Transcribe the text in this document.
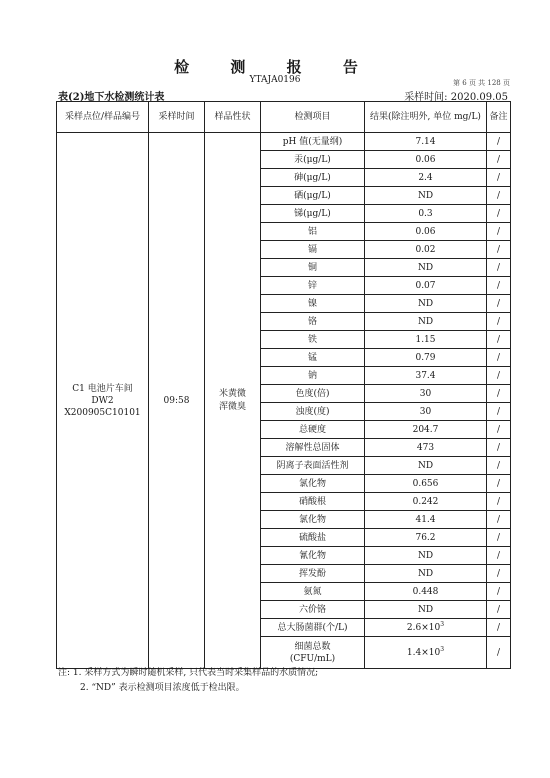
检 测 报 告
YTAJA0196	第 6 页 共 128 页
表(2)地下水检测统计表	采样时间: 2020.09.05
采样点位/样品编号	采样时间	样品性状	检测项目	结果(除注明外, 单位 mg/L)	备注

C1 电池片车间
DW2
X200905C10101	09:58	米黄微浑微臭	pH 值(无量纲)	7.14	/
			汞(μg/L)	0.06	/
			砷(μg/L)	2.4	/
			硒(μg/L)	ND	/
			锑(μg/L)	0.3	/
			铝	0.06	/
			镉	0.02	/
			铜	ND	/
			锌	0.07	/
			镍	ND	/
			铬	ND	/
			铁	1.15	/
			锰	0.79	/
			钠	37.4	/
			色度(倍)	30	/
			浊度(度)	30	/
			总硬度	204.7	/
			溶解性总固体	473	/
			阴离子表面活性剂	ND	/
			氯化物	0.656	/
			硝酸根	0.242	/
			氯化物	41.4	/
			硫酸盐	76.2	/
			氰化物	ND	/
			挥发酚	ND	/
			氨氮	0.448	/
			六价铬	ND	/
			总大肠菌群(个/L)	$2.6\times 10^3$	/

			细菌总数
(CFU/mL)	$1.4\times 10^3$	/
注: 1. 采样方式为瞬时随机采样, 只代表当时采集样品的水质情况;
2. “ND” 表示检测项目浓度低于检出限。
